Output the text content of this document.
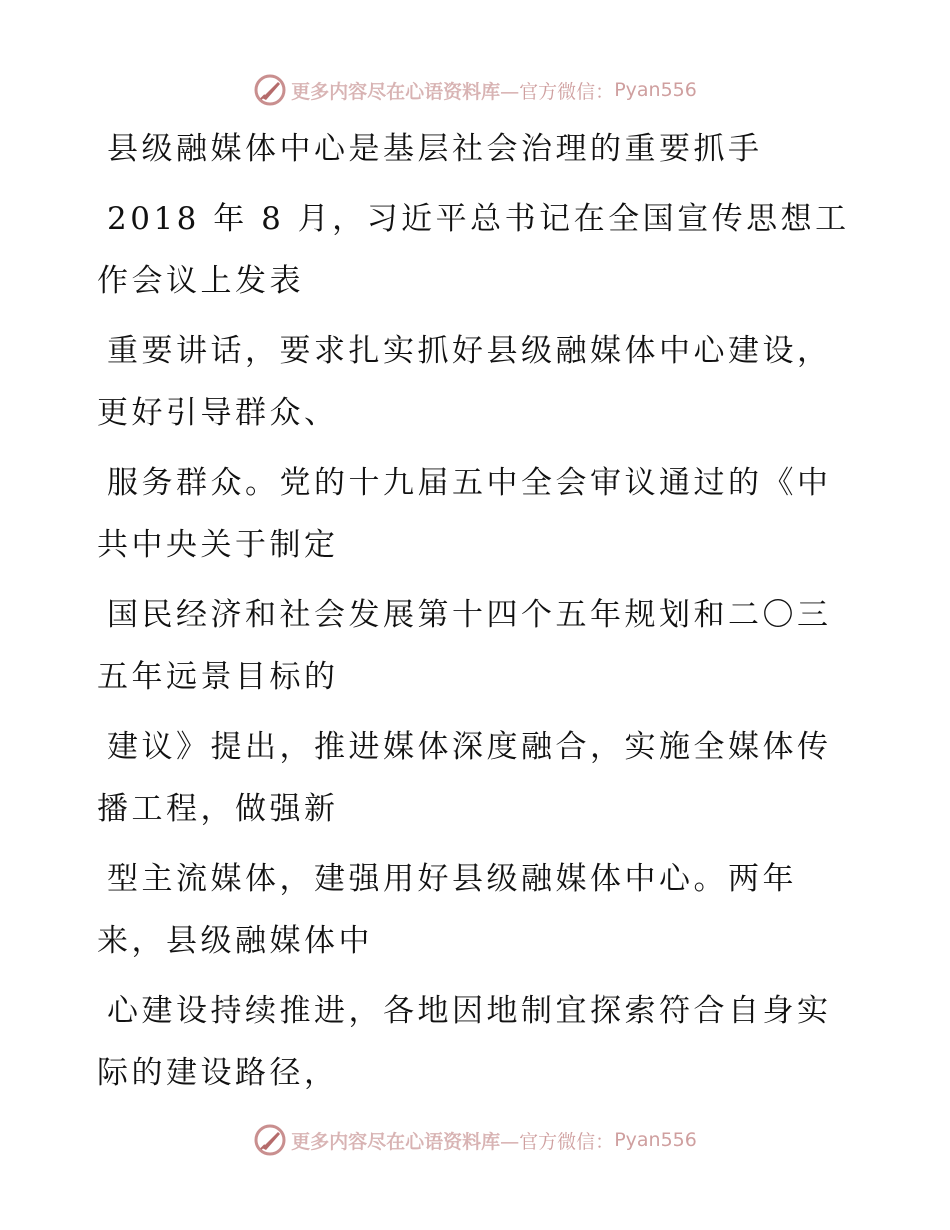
更多内容尽在心语资料库 —官方微信： Pyan556

县级融媒体中心是基层社会治理的重要抓手

2018 年 8 月，习近平总书记在全国宣传思想工
作会议上发表

重要讲话，要求扎实抓好县级融媒体中心建设，
更好引导群众、

服务群众。党的十九届五中全会审议通过的《中
共中央关于制定

国民经济和社会发展第十四个五年规划和二〇三
五年远景目标的

建议》提出，推进媒体深度融合，实施全媒体传
播工程，做强新

型主流媒体，建强用好县级融媒体中心。两年
来，县级融媒体中

心建设持续推进，各地因地制宜探索符合自身实
际的建设路径，

更多内容尽在心语资料库 —官方微信： Pyan556
